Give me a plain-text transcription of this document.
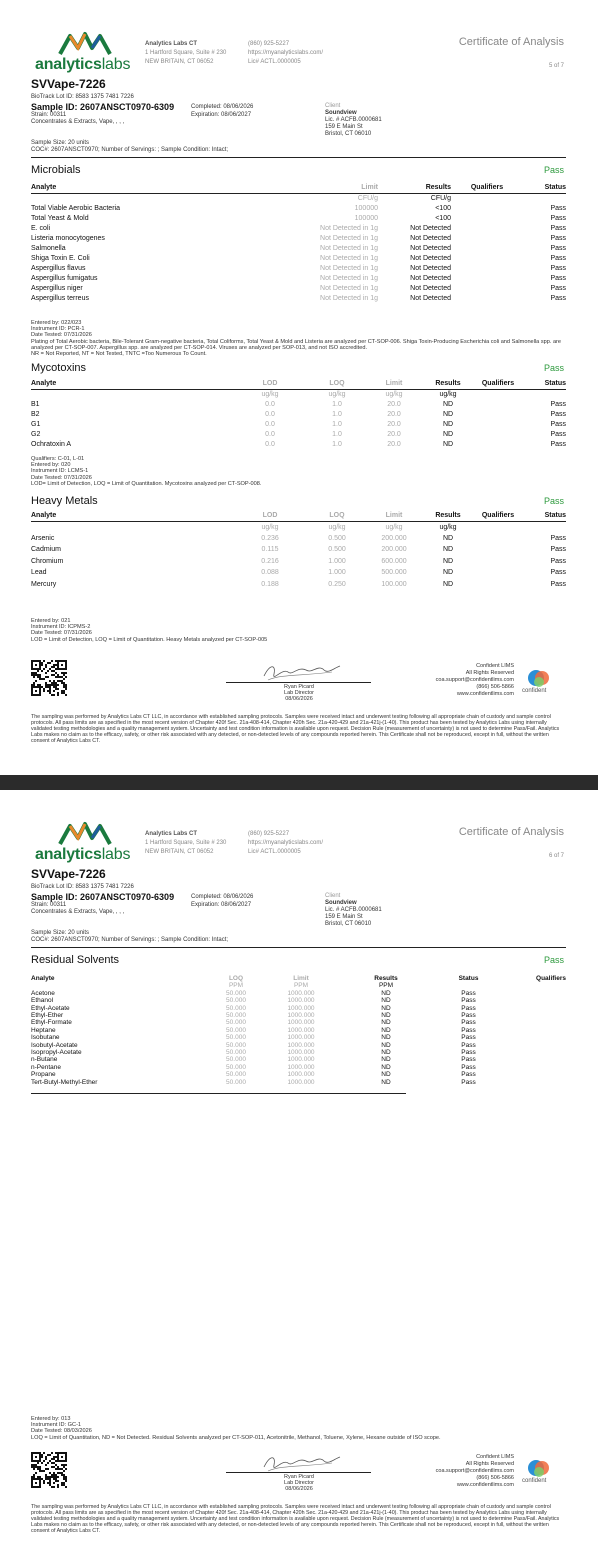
analyticslabs
Analytics Labs CT
1 Hartford Square, Suite # 230
NEW BRITAIN, CT 06052
(860) 925-5227
https://myanalyticslabs.com/
Lic# ACTL.0000005
Certificate of Analysis
5 of 7
SVVape-7226
BioTrack Lot ID: 8583 1375 7481 7226
Sample ID: 2607ANSCT0970-6309	Completed: 08/06/2026
Expiration: 08/06/2027
Strain: 00311
Concentrates & Extracts, Vape, , , ,
Client
Soundview
Lic. # ACFB.0000681
159 E Main St
Bristol, CT 06010
Sample Size: 20 units
COC#: 2607ANSCT0970; Number of Servings: ; Sample Condition: Intact;
Microbials	Pass
Analyte	Limit	Results	Qualifiers	Status
	CFU/g	CFU/g		
Total Viable Aerobic Bacteria	100000	<100		Pass
Total Yeast & Mold	100000	<100		Pass
E. coli	Not Detected in 1g	Not Detected		Pass
Listeria monocytogenes	Not Detected in 1g	Not Detected		Pass
Salmonella	Not Detected in 1g	Not Detected		Pass
Shiga Toxin E. Coli	Not Detected in 1g	Not Detected		Pass
Aspergillus flavus	Not Detected in 1g	Not Detected		Pass
Aspergillus fumigatus	Not Detected in 1g	Not Detected		Pass
Aspergillus niger	Not Detected in 1g	Not Detected		Pass
Aspergillus terreus	Not Detected in 1g	Not Detected		Pass
Entered by: 022/023
Instrument ID: PCR-1
Date Tested: 07/31/2026
Plating of Total Aerobic bacteria, Bile-Tolerant Gram-negative bacteria, Total Coliforms, Total Yeast & Mold and Listeria are analyzed per CT-SOP-006. Shiga Toxin-Producing Escherichia coli and Salmonella spp. are analyzed per CT-SOP-007. Aspergillus spp. are analyzed per CT-SOP-014. Viruses are analyzed per SOP-013, and not ISO accredited.
NR = Not Reported, NT = Not Tested, TNTC =Too Numerous To Count.
Mycotoxins	Pass
Analyte	LOD	LOQ	Limit	Results	Qualifiers	Status
	ug/kg	ug/kg	ug/kg	ug/kg		
B1	0.0	1.0	20.0	ND		Pass
B2	0.0	1.0	20.0	ND		Pass
G1	0.0	1.0	20.0	ND		Pass
G2	0.0	1.0	20.0	ND		Pass
Ochratoxin A	0.0	1.0	20.0	ND		Pass
Qualifiers: C-01, L-01
Entered by: 020
Instrument ID: LCMS-1
Date Tested: 07/31/2026
LOD= Limit of Detection, LOQ = Limit of Quantitation. Mycotoxins analyzed per CT-SOP-008.
Heavy Metals	Pass
Analyte	LOD	LOQ	Limit	Results	Qualifiers	Status
	ug/kg	ug/kg	ug/kg	ug/kg		
Arsenic	0.236	0.500	200.000	ND		Pass
Cadmium	0.115	0.500	200.000	ND		Pass
Chromium	0.216	1.000	600.000	ND		Pass
Lead	0.088	1.000	500.000	ND		Pass
Mercury	0.188	0.250	100.000	ND		Pass
Entered by: 021
Instrument ID: ICPMS-2
Date Tested: 07/31/2026
LOD = Limit of Detection, LOQ = Limit of Quantitation. Heavy Metals analyzed per CT-SOP-005
Ryan Picard
Lab Director
08/06/2026
Confident LIMS
All Rights Reserved
coa.support@confidentlims.com
(866) 506-5866
www.confidentlims.com confident
The sampling was performed by Analytics Labs CT LLC, in accordance with established sampling protocols. Samples were received intact and underwent testing following all appropriate chain of custody and sample control protocols. All pass limits are as specified in the most recent version of Chapter 420f Sec. 21a-408-414, Chapter 420h Sec. 21a-420-429 and 21a-421j-(1-40). This product has been tested by Analytics Labs using internally validated testing methodologies and a quality management system. Uncertainty and test condition information is available upon request. Decision Rule (measurement of uncertainty) is not used to determine Pass/Fail. Analytics Labs makes no claim as to the efficacy, safety, or other risk associated with any detected, or non-detected levels of any compounds reported herein. This Certificate shall not be reproduced, except in full, without the written consent of Analytics Labs CT.
analyticslabs
Analytics Labs CT
1 Hartford Square, Suite # 230
NEW BRITAIN, CT 06052
(860) 925-5227
https://myanalyticslabs.com/
Lic# ACTL.0000005
Certificate of Analysis
6 of 7
SVVape-7226
BioTrack Lot ID: 8583 1375 7481 7226
Sample ID: 2607ANSCT0970-6309	Completed: 08/06/2026
Expiration: 08/06/2027
Strain: 00311
Concentrates & Extracts, Vape, , , ,
Client
Soundview
Lic. # ACFB.0000681
159 E Main St
Bristol, CT 06010
Sample Size: 20 units
COC#: 2607ANSCT0970; Number of Servings: ; Sample Condition: Intact;
Residual Solvents	Pass
Analyte	LOQ	Limit	Results	Status	Qualifiers
	PPM	PPM	PPM		
Acetone	50.000	1000.000	ND	Pass	
Ethanol	50.000	1000.000	ND	Pass	
Ethyl-Acetate	50.000	1000.000	ND	Pass	
Ethyl-Ether	50.000	1000.000	ND	Pass	
Ethyl-Formate	50.000	1000.000	ND	Pass	
Heptane	50.000	1000.000	ND	Pass	
Isobutane	50.000	1000.000	ND	Pass	
Isobutyl-Acetate	50.000	1000.000	ND	Pass	
Isopropyl-Acetate	50.000	1000.000	ND	Pass	
n-Butane	50.000	1000.000	ND	Pass	
n-Pentane	50.000	1000.000	ND	Pass	
Propane	50.000	1000.000	ND	Pass	
Tert-Butyl-Methyl-Ether	50.000	1000.000	ND	Pass	
Entered by: 013
Instrument ID: GC-1
Date Tested: 08/03/2026
LOQ = Limit of Quantitation, ND = Not Detected. Residual Solvents analyzed per CT-SOP-011, Acetonitrile, Methanol, Toluene, Xylene, Hexane outside of ISO scope.
Ryan Picard
Lab Director
08/06/2026
Confident LIMS
All Rights Reserved
coa.support@confidentlims.com
(866) 506-5866
www.confidentlims.com
confident
The sampling was performed by Analytics Labs CT LLC, in accordance with established sampling protocols. Samples were received intact and underwent testing following all appropriate chain of custody and sample control protocols. All pass limits are as specified in the most recent version of Chapter 420f Sec. 21a-408-414, Chapter 420h Sec. 21a-420-429 and 21a-421j-(1-40). This product has been tested by Analytics Labs using internally validated testing methodologies and a quality management system. Uncertainty and test condition information is available upon request. Decision Rule (measurement of uncertainty) is not used to determine Pass/Fail. Analytics Labs makes no claim as to the efficacy, safety, or other risk associated with any detected, or non-detected levels of any compounds reported herein. This Certificate shall not be reproduced, except in full, without the written consent of Analytics Labs CT.
